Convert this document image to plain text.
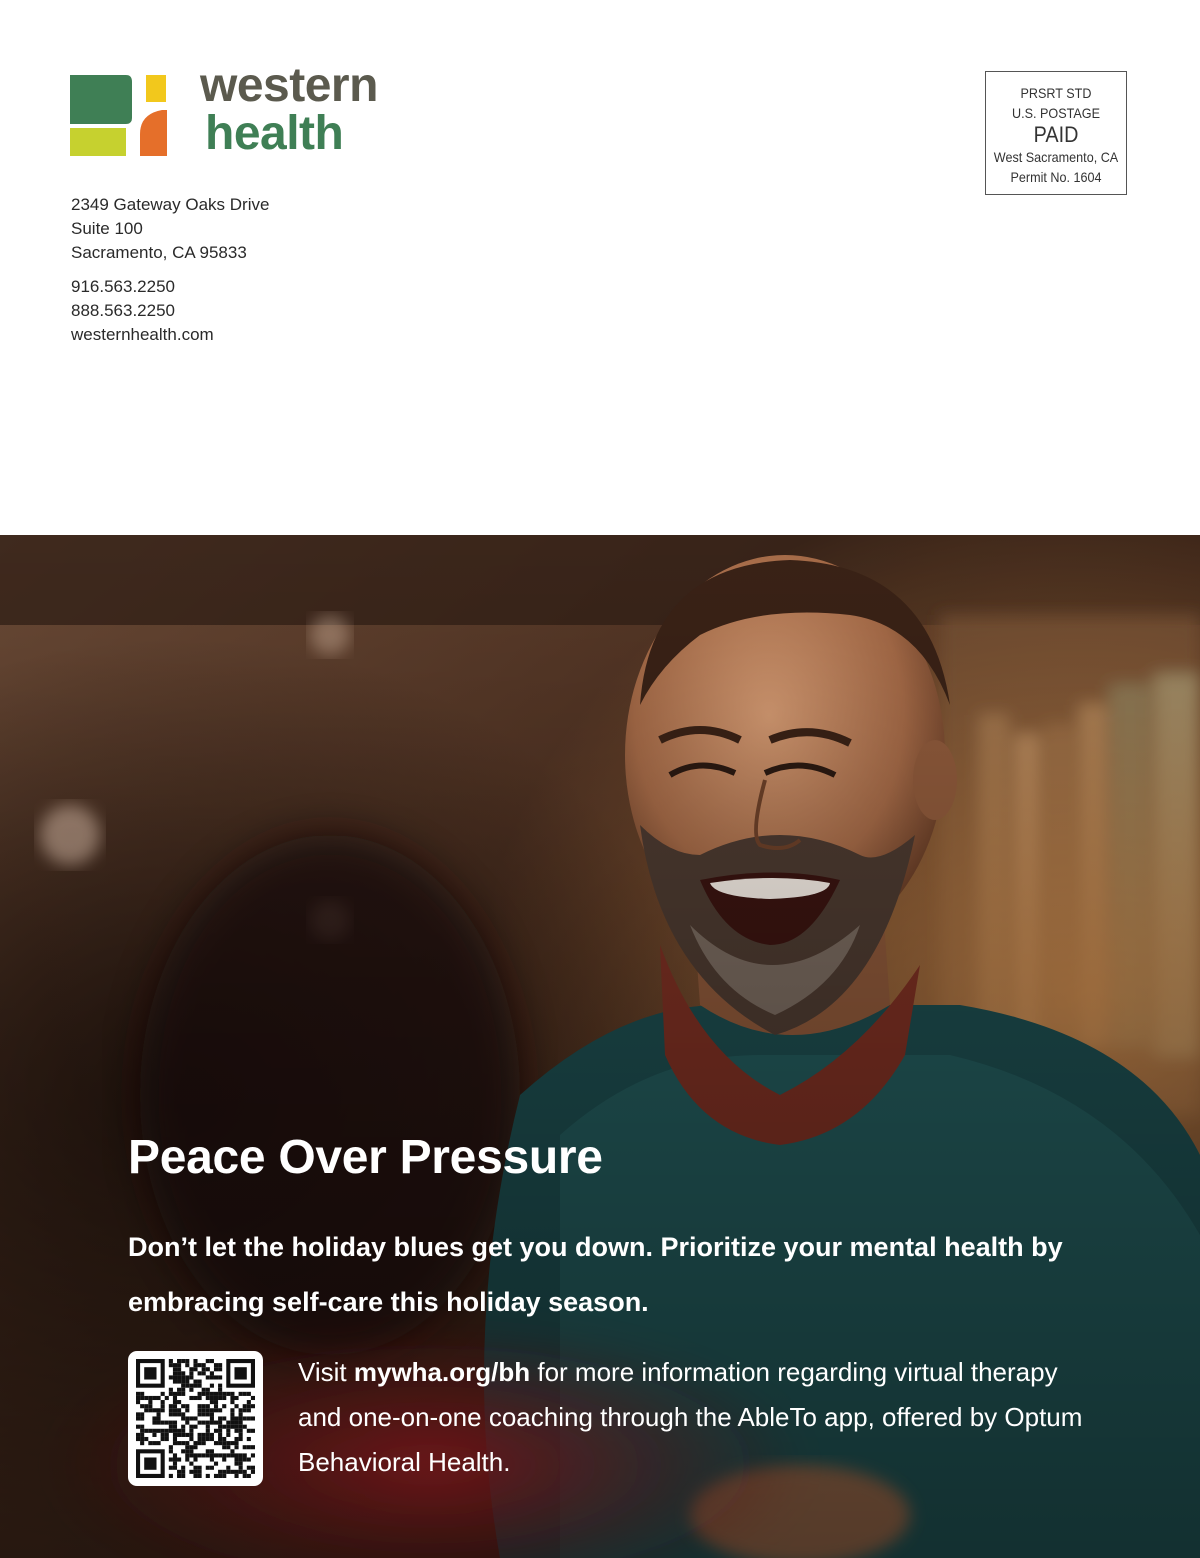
western
health
2349 Gateway Oaks Drive
Suite 100
Sacramento, CA 95833
916.563.2250
888.563.2250
westernhealth.com
PRSRT STD
U.S. POSTAGE
PAID
West Sacramento, CA
Permit No. 1604
Peace Over Pressure
Don’t let the holiday blues get you down. Prioritize your mental health by embracing self-care this holiday season.
Visit mywha.org/bh for more information regarding virtual therapy and one-on-one coaching through the AbleTo app, offered by Optum Behavioral Health.
